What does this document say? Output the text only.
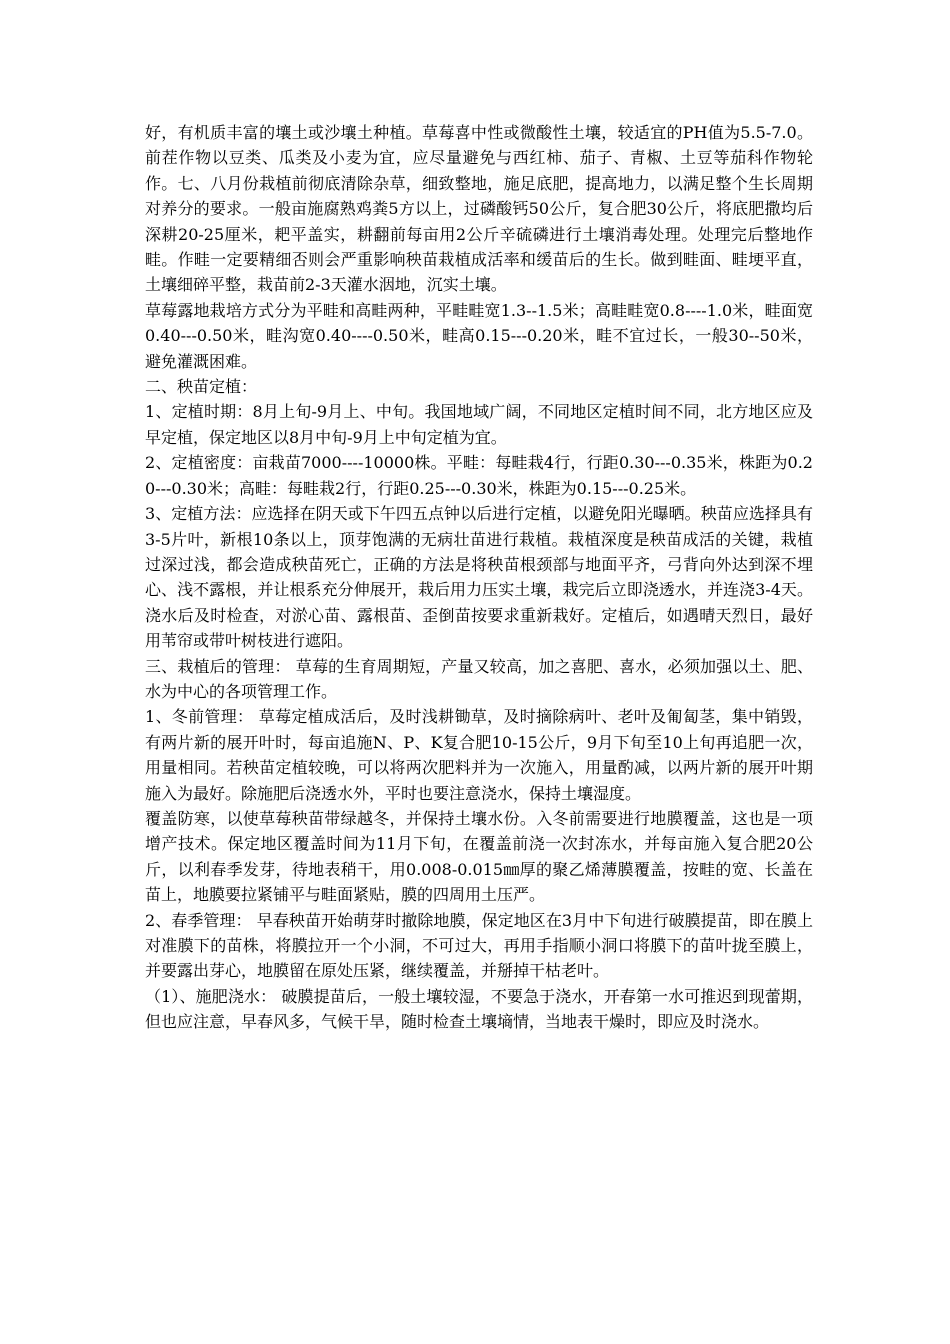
好，有机质丰富的壤土或沙壤土种植。草莓喜中性或微酸性土壤，较适宜的PH值为5.5-7.0。前茬作物以豆类、瓜类及小麦为宜，应尽量避免与西红柿、茄子、青椒、土豆等茄科作物轮作。七、八月份栽植前彻底清除杂草，细致整地，施足底肥，提高地力，以满足整个生长周期对养分的要求。一般亩施腐熟鸡粪5方以上，过磷酸钙50公斤，复合肥30公斤，将底肥撒均后深耕20-25厘米，耙平盖实，耕翻前每亩用2公斤辛硫磷进行土壤消毒处理。处理完后整地作畦。作畦一定要精细否则会严重影响秧苗栽植成活率和缓苗后的生长。做到畦面、畦埂平直，土壤细碎平整，栽苗前2-3天灌水洇地，沉实土壤。

草莓露地栽培方式分为平畦和高畦两种，平畦畦宽1.3--1.5米；高畦畦宽0.8----1.0米，畦面宽0.40---0.50米，畦沟宽0.40----0.50米，畦高0.15---0.20米，畦不宜过长，一般30--50米，避免灌溉困难。

二、秧苗定植：

1、定植时期：8月上旬-9月上、中旬。我国地域广阔，不同地区定植时间不同，北方地区应及早定植，保定地区以8月中旬-9月上中旬定植为宜。

2、定植密度：亩栽苗7000----10000株。平畦：每畦栽4行，行距0.30---0.35米，株距为0.20---0.30米；高畦：每畦栽2行，行距0.25---0.30米，株距为0.15---0.25米。

3、定植方法：应选择在阴天或下午四五点钟以后进行定植，以避免阳光曝晒。秧苗应选择具有3-5片叶，新根10条以上，顶芽饱满的无病壮苗进行栽植。栽植深度是秧苗成活的关键，栽植过深过浅，都会造成秧苗死亡，正确的方法是将秧苗根颈部与地面平齐，弓背向外达到深不埋心、浅不露根，并让根系充分伸展开，栽后用力压实土壤，栽完后立即浇透水，并连浇3-4天。浇水后及时检查，对淤心苗、露根苗、歪倒苗按要求重新栽好。定植后，如遇晴天烈日，最好用苇帘或带叶树枝进行遮阳。

三、栽植后的管理： 草莓的生育周期短，产量又较高，加之喜肥、喜水，必须加强以土、肥、水为中心的各项管理工作。

1、冬前管理： 草莓定植成活后，及时浅耕锄草，及时摘除病叶、老叶及匍匐茎，集中销毁，有两片新的展开叶时，每亩追施N、P、K复合肥10-15公斤，9月下旬至10上旬再追肥一次，用量相同。若秧苗定植较晚，可以将两次肥料并为一次施入，用量酌减，以两片新的展开叶期施入为最好。除施肥后浇透水外，平时也要注意浇水，保持土壤湿度。

覆盖防寒，以使草莓秧苗带绿越冬，并保持土壤水份。入冬前需要进行地膜覆盖，这也是一项增产技术。保定地区覆盖时间为11月下旬，在覆盖前浇一次封冻水，并每亩施入复合肥20公斤，以利春季发芽，待地表稍干，用0.008-0.015㎜厚的聚乙烯薄膜覆盖，按畦的宽、长盖在苗上，地膜要拉紧铺平与畦面紧贴，膜的四周用土压严。

2、春季管理： 早春秧苗开始萌芽时撤除地膜，保定地区在3月中下旬进行破膜提苗，即在膜上对准膜下的苗株，将膜拉开一个小洞，不可过大，再用手指顺小洞口将膜下的苗叶拢至膜上，并要露出芽心，地膜留在原处压紧，继续覆盖，并掰掉干枯老叶。

（1）、施肥浇水： 破膜提苗后，一般土壤较湿，不要急于浇水，开春第一水可推迟到现蕾期，但也应注意，早春风多，气候干旱，随时检查土壤墒情，当地表干燥时，即应及时浇水。
